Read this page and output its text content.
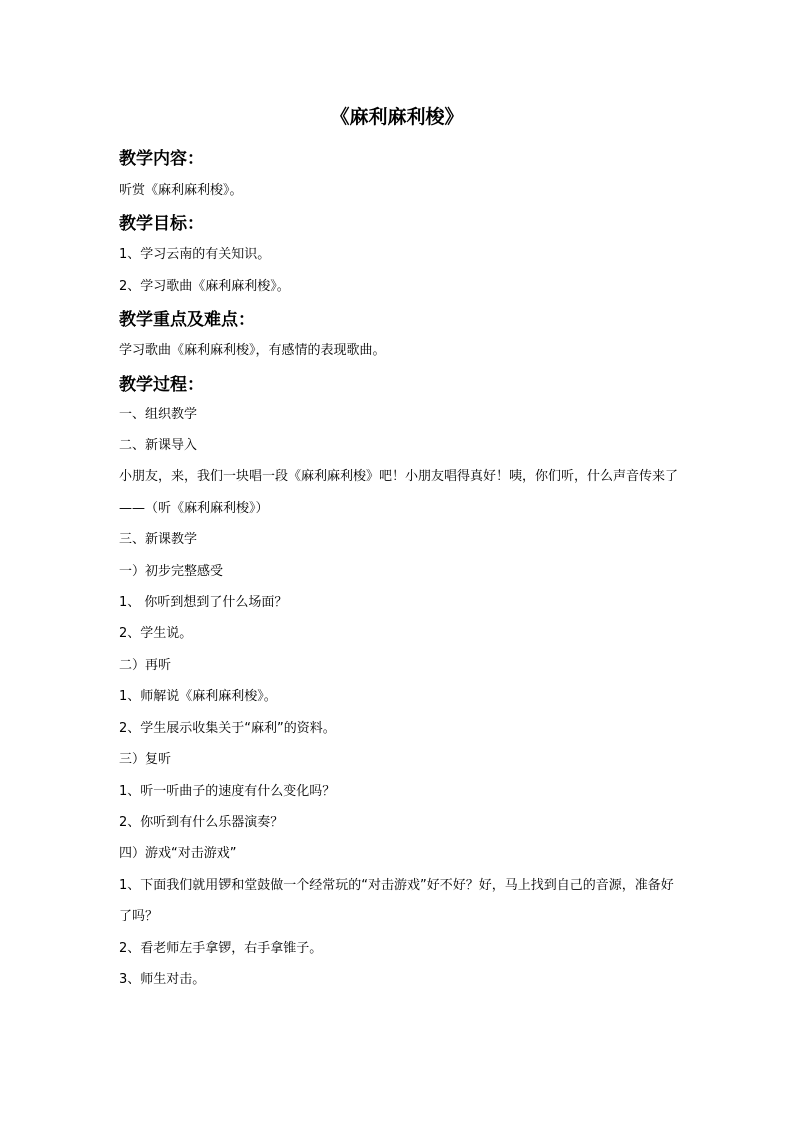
《麻利麻利梭》

教学内容：

听赏《麻利麻利梭》。

教学目标：

1、学习云南的有关知识。

2、学习歌曲《麻利麻利梭》。

教学重点及难点：

学习歌曲《麻利麻利梭》，有感情的表现歌曲。

教学过程：

一、组织教学

二、新课导入

小朋友，来，我们一块唱一段《麻利麻利梭》吧！小朋友唱得真好！咦，你们听，什么声音传来了——（听《麻利麻利梭》）

三、新课教学

一）初步完整感受

1、 你听到想到了什么场面？

2、学生说。

二）再听

1、师解说《麻利麻利梭》。

2、学生展示收集关于“麻利”的资料。

三）复听

1、听一听曲子的速度有什么变化吗？

2、你听到有什么乐器演奏？

四）游戏“对击游戏”

1、下面我们就用锣和堂鼓做一个经常玩的“对击游戏”好不好？好，马上找到自己的音源，准备好了吗？

2、看老师左手拿锣，右手拿锥子。

3、师生对击。
